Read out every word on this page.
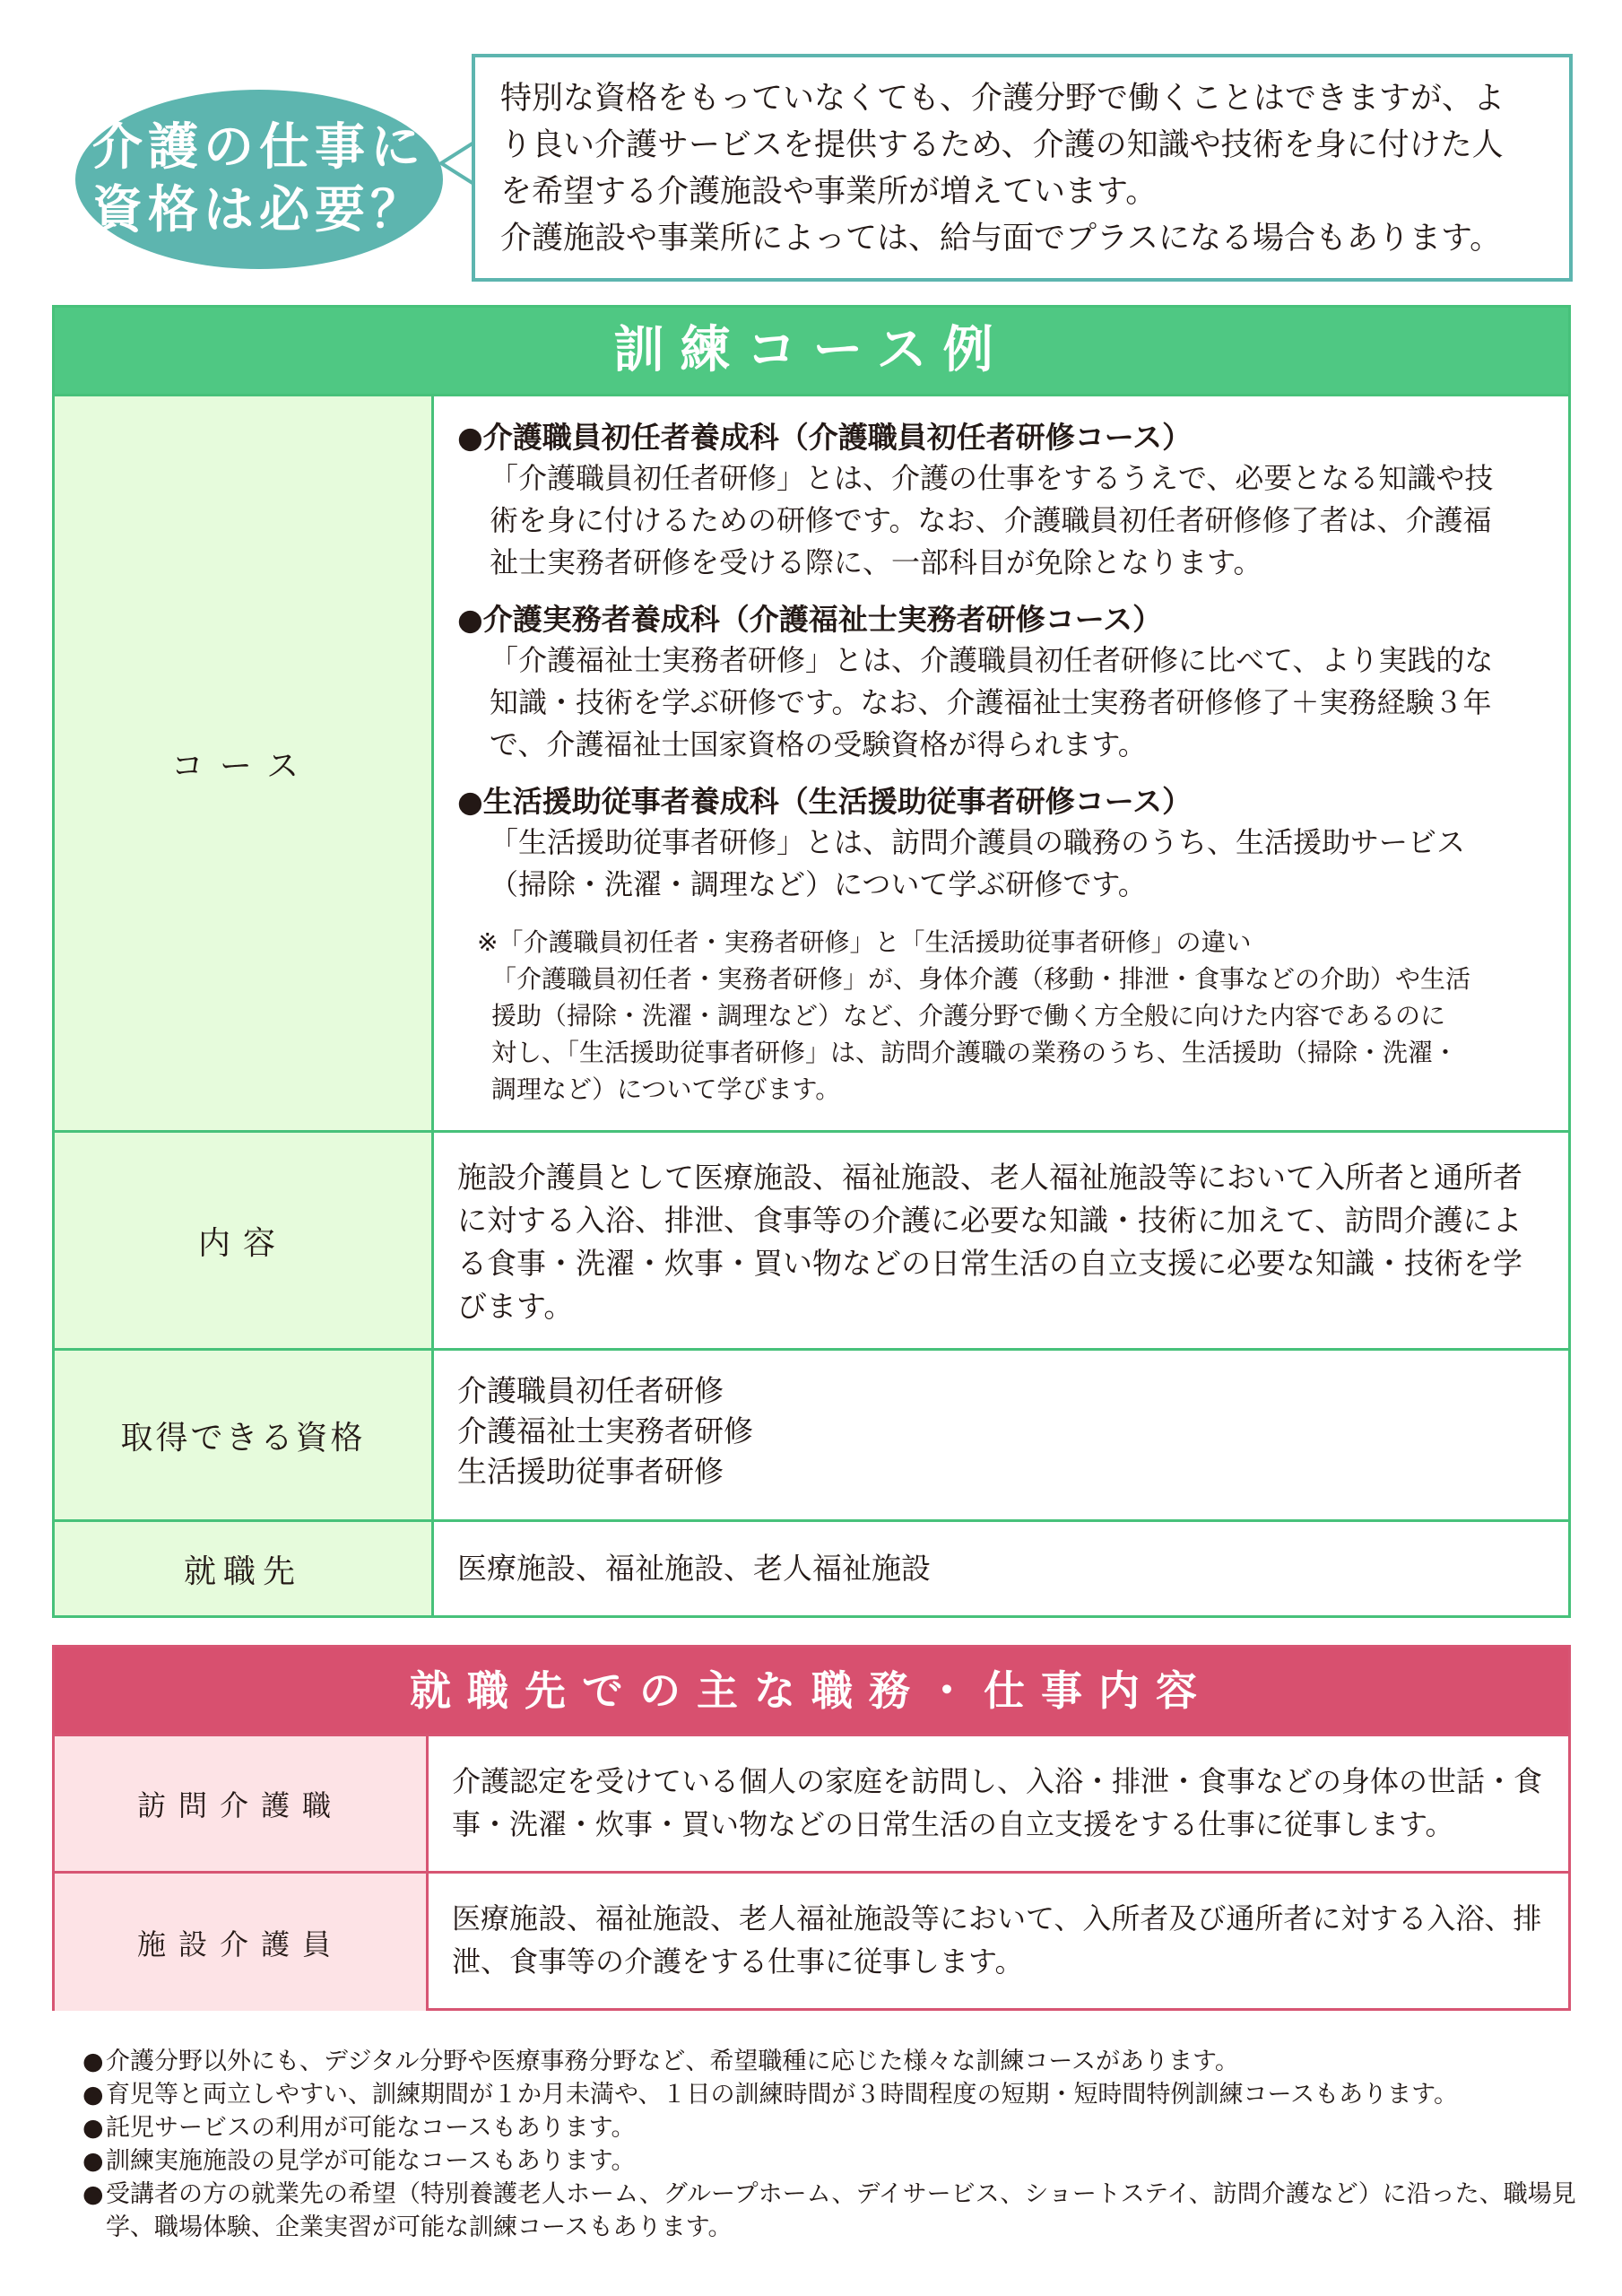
介護の仕事に
資格は必要？

特別な資格をもっていなくても、介護分野で働くことはできますが、よ

り良い介護サービスを提供するため、介護の知識や技術を身に付けた人

を希望する介護施設や事業所が増えています。

介護施設や事業所によっては、給与面でプラスになる場合もあります。

訓練コース例
コース

●介護職員初任者養成科（介護職員初任者研修コース）

「介護職員初任者研修」とは、介護の仕事をするうえで、必要となる知識や技

術を身に付けるための研修です。なお、介護職員初任者研修修了者は、介護福

祉士実務者研修を受ける際に、一部科目が免除となります。

●介護実務者養成科（介護福祉士実務者研修コース）

「介護福祉士実務者研修」とは、介護職員初任者研修に比べて、より実践的な

知識・技術を学ぶ研修です。なお、介護福祉士実務者研修修了＋実務経験３年

で、介護福祉士国家資格の受験資格が得られます。

●生活援助従事者養成科（生活援助従事者研修コース）

「生活援助従事者研修」とは、訪問介護員の職務のうち、生活援助サービス

（掃除・洗濯・調理など）について学ぶ研修です。

※「介護職員初任者・実務者研修」と「生活援助従事者研修」の違い

「介護職員初任者・実務者研修」が、身体介護（移動・排泄・食事などの介助）や生活

援助（掃除・洗濯・調理など）など、介護分野で働く方全般に向けた内容であるのに

対し、「生活援助従事者研修」は、訪問介護職の業務のうち、生活援助（掃除・洗濯・

調理など）について学びます。

内容

施設介護員として医療施設、福祉施設、老人福祉施設等において入所者と通所者

に対する入浴、排泄、食事等の介護に必要な知識・技術に加えて、訪問介護によ

る食事・洗濯・炊事・買い物などの日常生活の自立支援に必要な知識・技術を学

びます。

取得できる資格

介護職員初任者研修

介護福祉士実務者研修

生活援助従事者研修

就職先	医療施設、福祉施設、老人福祉施設
就職先での主な職務・仕事内容
訪問介護職
介護認定を受けている個人の家庭を訪問し、入浴・排泄・食事などの身体の世話・食
事・洗濯・炊事・買い物などの日常生活の自立支援をする仕事に従事します。
施設介護員
医療施設、福祉施設、老人福祉施設等において、入所者及び通所者に対する入浴、排
泄、食事等の介護をする仕事に従事します。
● 介護分野以外にも、デジタル分野や医療事務分野など、希望職種に応じた様々な訓練コースがあります。
● 育児等と両立しやすい、訓練期間が１か月未満や、１日の訓練時間が３時間程度の短期・短時間特例訓練コースもあります。
● 託児サービスの利用が可能なコースもあります。
● 訓練実施施設の見学が可能なコースもあります。
● 受講者の方の就業先の希望（特別養護老人ホーム、グループホーム、デイサービス、ショートステイ、訪問介護など）に沿った、職場見学、職場体験、企業実習が可能な訓練コースもあります。
